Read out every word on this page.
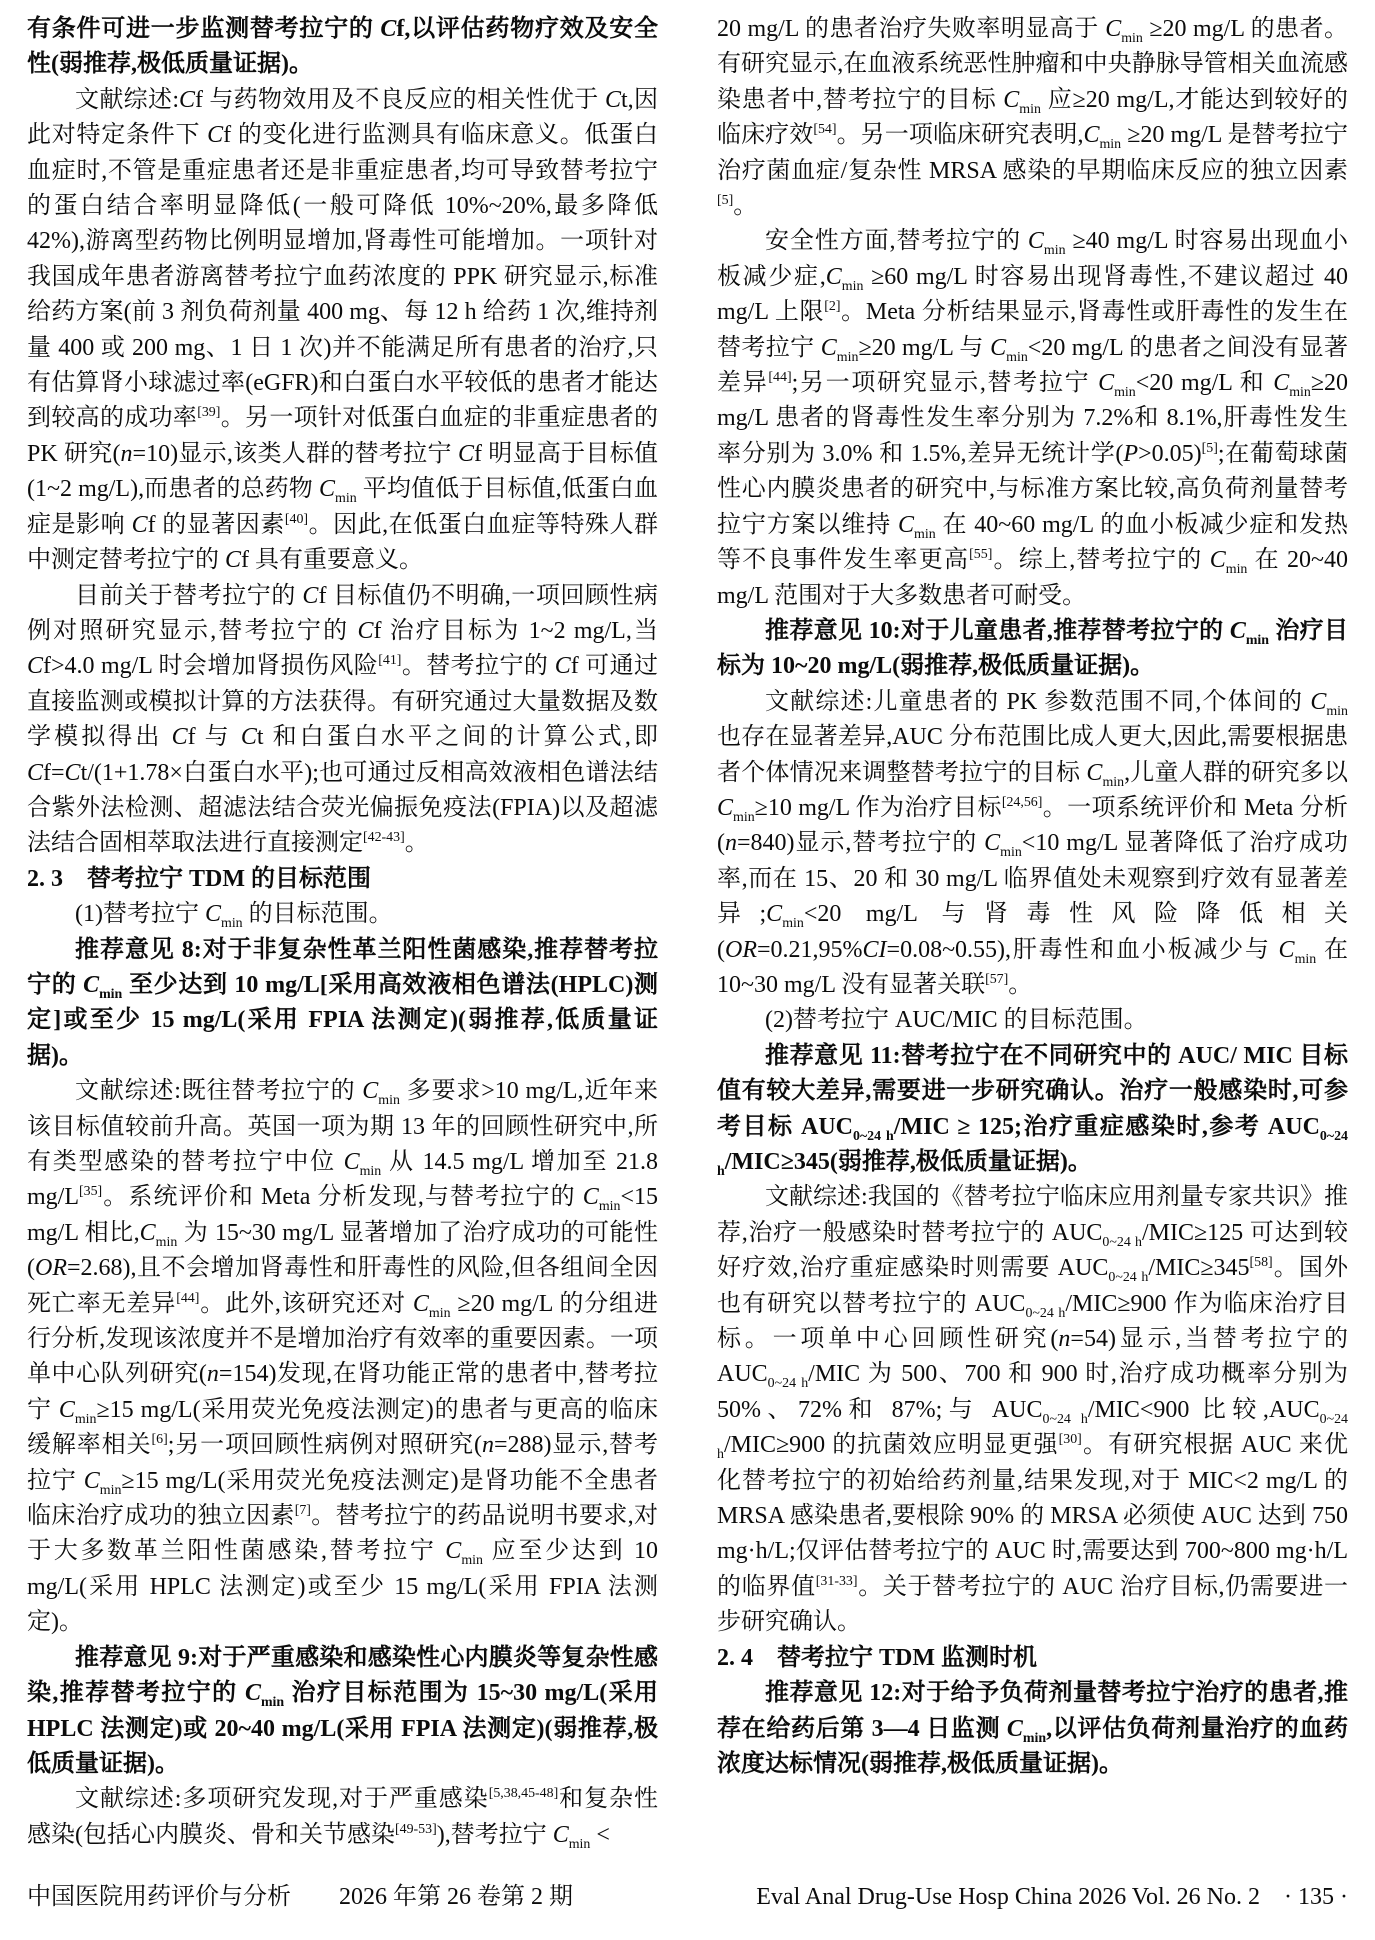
有条件可进一步监测替考拉宁的 Cf,以评估药物疗效及安全性(弱推荐,极低质量证据)。

文献综述:Cf 与药物效用及不良反应的相关性优于 Ct,因此对特定条件下 Cf 的变化进行监测具有临床意义。低蛋白血症时,不管是重症患者还是非重症患者,均可导致替考拉宁的蛋白结合率明显降低(一般可降低 10%~20%,最多降低 42%),游离型药物比例明显增加,肾毒性可能增加。一项针对我国成年患者游离替考拉宁血药浓度的 PPK 研究显示,标准给药方案(前 3 剂负荷剂量 400 mg、每 12 h 给药 1 次,维持剂量 400 或 200 mg、1 日 1 次)并不能满足所有患者的治疗,只有估算肾小球滤过率(eGFR)和白蛋白水平较低的患者才能达到较高的成功率[39]。另一项针对低蛋白血症的非重症患者的 PK 研究(n=10)显示,该类人群的替考拉宁 Cf 明显高于目标值(1~2 mg/L),而患者的总药物 $C_{min}$ 平均值低于目标值,低蛋白血症是影响 Cf 的显著因素[40]。因此,在低蛋白血症等特殊人群中测定替考拉宁的 Cf 具有重要意义。

目前关于替考拉宁的 Cf 目标值仍不明确,一项回顾性病例对照研究显示,替考拉宁的 Cf 治疗目标为 1~2 mg/L,当Cf>4.0 mg/L 时会增加肾损伤风险[41]。替考拉宁的 Cf 可通过直接监测或模拟计算的方法获得。有研究通过大量数据及数学模拟得出 Cf 与 Ct 和白蛋白水平之间的计算公式,即 Cf=Ct/(1+1.78×白蛋白水平);也可通过反相高效液相色谱法结合紫外法检测、超滤法结合荧光偏振免疫法(FPIA)以及超滤法结合固相萃取法进行直接测定[42-43]。

2. 3　替考拉宁 TDM 的目标范围

(1)替考拉宁 $C_{min}$ 的目标范围。

推荐意见 8:对于非复杂性革兰阳性菌感染,推荐替考拉宁的 $C_{min}$ 至少达到 10 mg/L[采用高效液相色谱法(HPLC)测定]或至少 15 mg/L(采用 FPIA 法测定)(弱推荐,低质量证据)。

文献综述:既往替考拉宁的 $C_{min}$ 多要求>10 mg/L,近年来该目标值较前升高。英国一项为期 13 年的回顾性研究中,所有类型感染的替考拉宁中位 $C_{min}$ 从 14.5 mg/L 增加至 21.8 mg/L[35]。系统评价和 Meta 分析发现,与替考拉宁的 $C_{min}<15$ mg/L 相比$,C_{min}$ 为 15~30 mg/L 显著增加了治疗成功的可能性(OR=2.68),且不会增加肾毒性和肝毒性的风险,但各组间全因死亡率无差异[44]。此外,该研究还对 $C_{min} \ge 20$ mg/L 的分组进行分析,发现该浓度并不是增加治疗有效率的重要因素。一项单中心队列研究(n=154)发现,在肾功能正常的患者中,替考拉宁 $C_{min}\ge 15$ mg/L(采用荧光免疫法测定)的患者与更高的临床缓解率相关[6];另一项回顾性病例对照研究(n=288)显示,替考拉宁 $C_{min}\ge 15$ mg/L(采用荧光免疫法测定)是肾功能不全患者临床治疗成功的独立因素[7]。替考拉宁的药品说明书要求,对于大多数革兰阳性菌感染,替考拉宁 $C_{min}$ 应至少达到 10 mg/L(采用 HPLC 法测定)或至少 15 mg/L(采用 FPIA 法测定)。

推荐意见 9:对于严重感染和感染性心内膜炎等复杂性感染,推荐替考拉宁的 $C_{min}$ 治疗目标范围为 15~30 mg/L(采用 HPLC 法测定)或 20~40 mg/L(采用 FPIA 法测定)(弱推荐,极低质量证据)。

文献综述:多项研究发现,对于严重感染[5,38,45-48]和复杂性感染(包括心内膜炎、骨和关节感染[49-53]),替考拉宁 $C_{min}$ <

20 mg/L 的患者治疗失败率明显高于 $C_{min} \ge 20$ mg/L 的患者。有研究显示,在血液系统恶性肿瘤和中央静脉导管相关血流感染患者中,替考拉宁的目标 $C_{min}$ 应≥20 mg/L,才能达到较好的临床疗效[54]。另一项临床研究表明$,C_{min} \ge 20$ mg/L 是替考拉宁治疗菌血症/复杂性 MRSA 感染的早期临床反应的独立因素[5]。

安全性方面,替考拉宁的 $C_{min} \ge 40$ mg/L 时容易出现血小板减少症$,C_{min} \ge 60$ mg/L 时容易出现肾毒性,不建议超过 40 mg/L 上限[2]。Meta 分析结果显示,肾毒性或肝毒性的发生在替考拉宁 $C_{min}\ge 20$ mg/L 与 $C_{min}<20$ mg/L 的患者之间没有显著差异[44];另一项研究显示,替考拉宁 $C_{min}<20$ mg/L 和 $C_{min}\ge 20$ mg/L 患者的肾毒性发生率分别为 7.2%和 8.1%,肝毒性发生率分别为 3.0% 和 1.5%,差异无统计学(P>0.05)[5];在葡萄球菌性心内膜炎患者的研究中,与标准方案比较,高负荷剂量替考拉宁方案以维持 $C_{min}$ 在 40~60 mg/L 的血小板减少症和发热等不良事件发生率更高[55]。综上,替考拉宁的 $C_{min}$ 在 20~40 mg/L 范围对于大多数患者可耐受。

推荐意见 10:对于儿童患者,推荐替考拉宁的 $C_{min}$ 治疗目标为 10~20 mg/L(弱推荐,极低质量证据)。

文献综述:儿童患者的 PK 参数范围不同,个体间的 $C_{min}$ 也存在显著差异,AUC 分布范围比成人更大,因此,需要根据患者个体情况来调整替考拉宁的目标 $C_{min}$,儿童人群的研究多以 $C_{min}\ge 10$ mg/L 作为治疗目标[24,56]。一项系统评价和 Meta 分析(n=840)显示,替考拉宁的 $C_{min}<10$ mg/L 显著降低了治疗成功率,而在 15、20 和 30 mg/L 临界值处未观察到疗效有显著差异$;C_{min}<20$ mg/L 与肾毒性风险降低相关(OR=0.21,95%CI=0.08~0.55),肝毒性和血小板减少与 $C_{min}$ 在 10~30 mg/L 没有显著关联[57]。

(2)替考拉宁 AUC/MIC 的目标范围。

推荐意见 11:替考拉宁在不同研究中的 AUC/ MIC 目标值有较大差异,需要进一步研究确认。治疗一般感染时,可参考目标 $AUC_{0\sim 24 h}$/MIC ≥ 125;治疗重症感染时,参考 $AUC_{0\sim 24 h}/MIC\ge 345$(弱推荐,极低质量证据)。

文献综述:我国的《替考拉宁临床应用剂量专家共识》推荐,治疗一般感染时替考拉宁的 $AUC_{0\sim 24 h}/MIC\ge 125$ 可达到较好疗效,治疗重症感染时则需要 $AUC_{0\sim 24 h}/MIC\ge 345[58]$。国外也有研究以替考拉宁的 $AUC_{0\sim 24 h}/MIC\ge 900$ 作为临床治疗目标。一项单中心回顾性研究(n=54)显示,当替考拉宁的 $AUC_{0\sim 24 h}$/MIC 为 500、700 和 900 时,治疗成功概率分别为 50%、72%和 87%;与 $AUC_{0\sim 24 h}/MIC<900$ 比较$,AUC_{0\sim 24 h}/MIC\ge 900$ 的抗菌效应明显更强[30]。有研究根据 AUC 来优化替考拉宁的初始给药剂量,结果发现,对于 MIC<2 mg/L 的 MRSA 感染患者,要根除 90% 的 MRSA 必须使 AUC 达到 750 mg·h/L;仅评估替考拉宁的 AUC 时,需要达到 700~800 mg·h/L 的临界值[31-33]。关于替考拉宁的 AUC 治疗目标,仍需要进一步研究确认。

2. 4　替考拉宁 TDM 监测时机

推荐意见 12:对于给予负荷剂量替考拉宁治疗的患者,推荐在给药后第 3—4 日监测 $C_{min}$,以评估负荷剂量治疗的血药浓度达标情况(弱推荐,极低质量证据)。

中国医院用药评价与分析　　2026 年第 26 卷第 2 期	Eval Anal Drug-Use Hosp China 2026 Vol. 26 No. 2　· 135 ·
